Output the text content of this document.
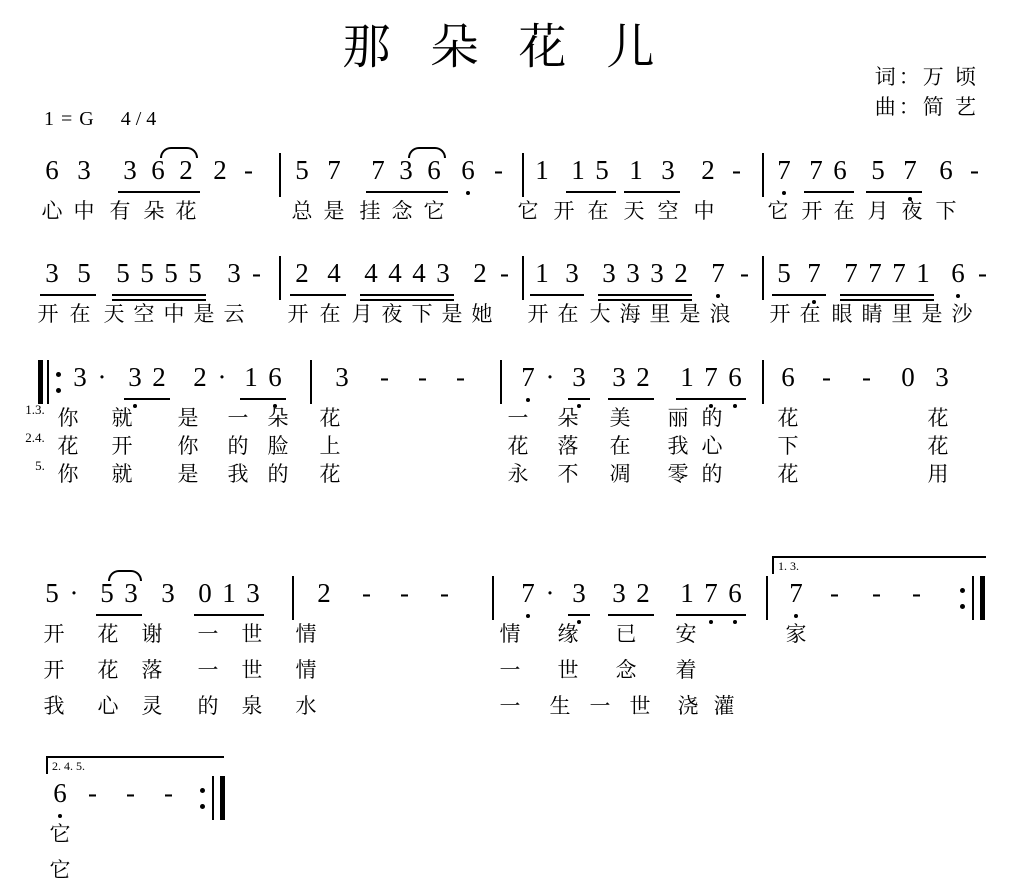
那 朵 花 儿
词：万 顷
曲：简 艺
1 = G 4 / 4
6 3 3 6 2 2 - 5 7 7 3 6 6 - 1 1 5 1 3 2 - 7 7 6 5 7 6 -
心 中 有 朵 花	总 是 挂 念 它	它 开 在 天 空 中	它 开 在 月 夜 下
3 5 5 5 5 5 3 - 2 4 4 4 4 3 2 - 1 3 3 3 3 2 7 - 5 7 7 7 7 1 6 -
开 在 天 空 中 是 云 开 在 月 夜 下 是 她 开 在 大 海 里 是 浪 开 在 眼 睛 里 是 沙
3 · 3 2 2 · 1 6 3 - - - 7 · 3 3 2 1 7 6 6 - - 0 3
1.3. 你 就 是 一 朵 花	一 朵 美 丽 的	花	花
2.4. 花 开 你 的 脸 上	花 落 在 我 心	下	花
5. 你 就 是 我 的 花	永 不 凋 零 的	花	用
1. 3.
5 · 5 3 3 0 1 3 2 - - -	7 · 3 3 2 1 7 6 7 - - -
开 花 谢 一 世 情	情 缘 已 安	家
开 花 落 一 世 情	一 世 念 着
我 心 灵 的 泉 水	一 生 一 世 浇 灌
2. 4. 5.
6 - - -
它
它
